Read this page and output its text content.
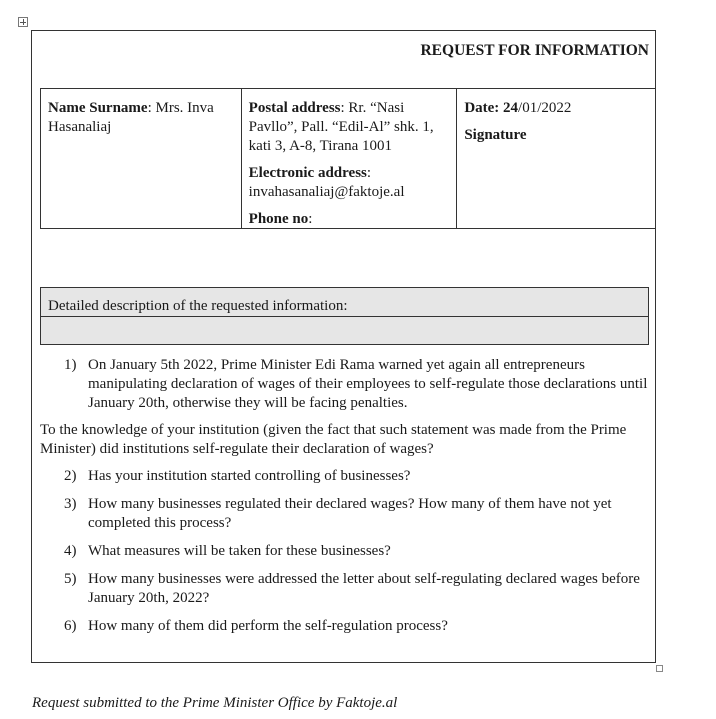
REQUEST FOR INFORMATION
Name Surname: Mrs. Inva Hasanaliaj
Postal address: Rr. “Nasi Pavllo”, Pall. “Edil-Al” shk. 1, kati 3, A-8, Tirana 1001
Electronic address: invahasanaliaj@faktoje.al
Phone no:
Date: 24/01/2022
Signature
Detailed description of the requested information:
1) On January 5th 2022, Prime Minister Edi Rama warned yet again all entrepreneurs manipulating declaration of wages of their employees to self-regulate those declarations until January 20th, otherwise they will be facing penalties.
To the knowledge of your institution (given the fact that such statement was made from the Prime Minister) did institutions self-regulate their declaration of wages?
2) Has your institution started controlling of businesses?
3) How many businesses regulated their declared wages? How many of them have not yet completed this process?
4) What measures will be taken for these businesses?
5) How many businesses were addressed the letter about self-regulating declared wages before January 20th, 2022?
6) How many of them did perform the self-regulation process?
Request submitted to the Prime Minister Office by Faktoje.al
